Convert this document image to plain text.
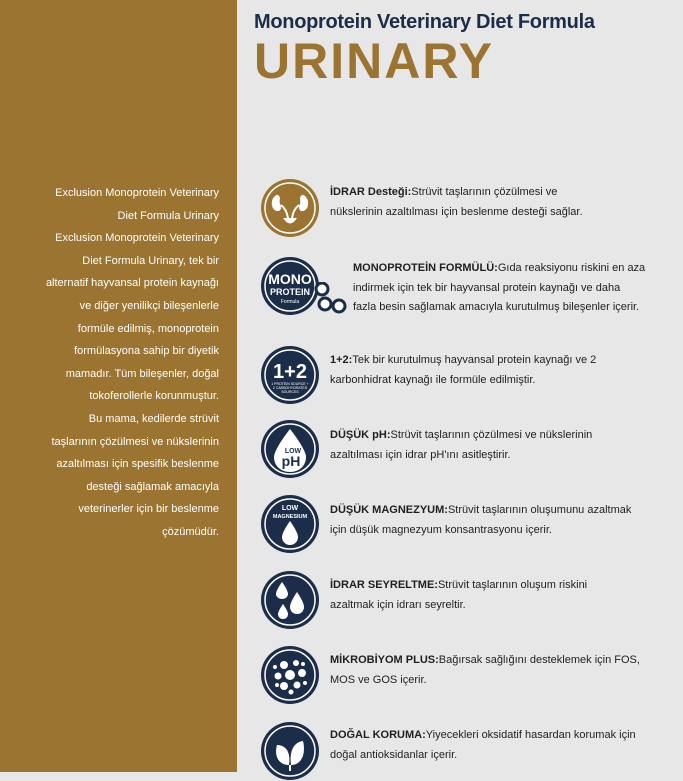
Exclusion Monoprotein Veterinary

Diet Formula Urinary

Exclusion Monoprotein Veterinary

Diet Formula Urinary, tek bir

alternatif hayvansal protein kaynağı

ve diğer yenilikçi bileşenlerle

formüle edilmiş, monoprotein

formülasyona sahip bir diyetik

mamadır. Tüm bileşenler, doğal

tokoferollerle korunmuştur.

Bu mama, kedilerde strüvit

taşlarının çözülmesi ve nükslerinin

azaltılması için spesifik beslenme

desteği sağlamak amacıyla

veterinerler için bir beslenme

çözümüdür.

Monoprotein Veterinary Diet Formula
URINARY
İDRAR Desteği:Strüvit taşlarının çözülmesi ve
nükslerinin azaltılması için beslenme desteği sağlar.
MONO
PROTEIN
Formula
MONOPROTEİN FORMÜLÜ:Gıda reaksiyonu riskini en aza
indirmek için tek bir hayvansal protein kaynağı ve daha
fazla besin sağlamak amacıyla kurutulmuş bileşenler içerir.
1+2
1 PROTEIN SOURCE +
2 CARBOHYDRATES
SOURCES
1+2:Tek bir kurutulmuş hayvansal protein kaynağı ve 2
karbonhidrat kaynağı ile formüle edilmiştir.
LOW
pH
DÜŞÜK pH:Strüvit taşlarının çözülmesi ve nükslerinin
azaltılması için idrar pH'ını asitleştirir.
LOW
MAGNESIUM
DÜŞÜK MAGNEZYUM:Strüvit taşlarının oluşumunu azaltmak
için düşük magnezyum konsantrasyonu içerir.
İDRAR SEYRELTME:Strüvit taşlarının oluşum riskini
azaltmak için idrarı seyreltir.
MİKROBİYOM PLUS:Bağırsak sağlığını desteklemek için FOS,
MOS ve GOS içerir.
DOĞAL KORUMA:Yiyecekleri oksidatif hasardan korumak için
doğal antioksidanlar içerir.
